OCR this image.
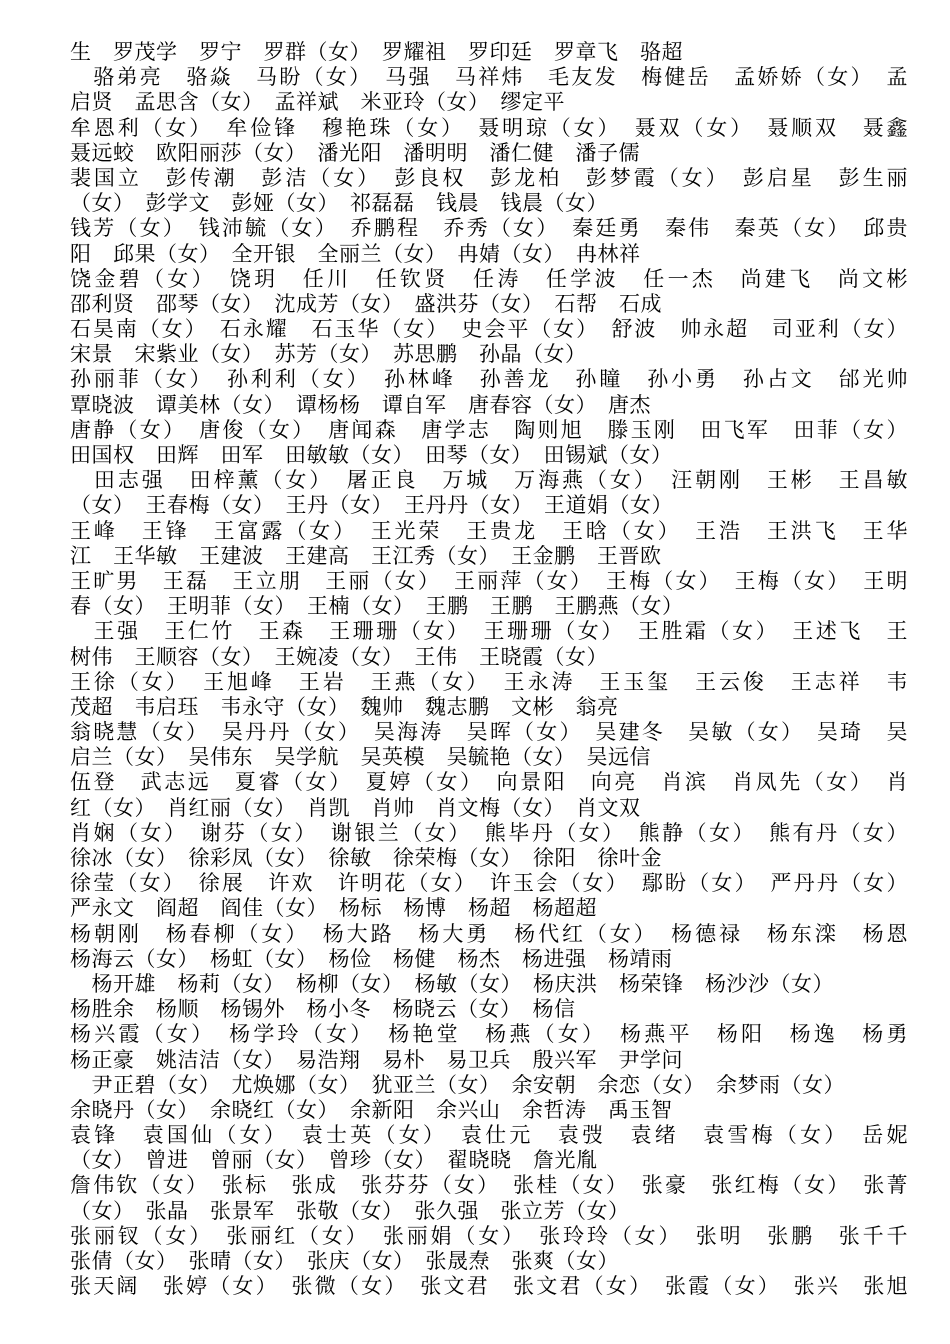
生　罗茂学　罗宁　罗群（女）　罗耀祖　罗印廷　罗章飞　骆超
　骆弟亮　骆焱　马盼（女）　马强　马祥炜　毛友发　梅健岳　孟娇娇（女）　孟
启贤　孟思含（女）　孟祥斌　米亚玲（女）　缪定平
牟恩利（女）　牟俭锋　穆艳珠（女）　聂明琼（女）　聂双（女）　聂顺双　聂鑫
聂远蛟　欧阳丽莎（女）　潘光阳　潘明明　潘仁健　潘子儒
裴国立　彭传潮　彭洁（女）　彭良权　彭龙柏　彭梦霞（女）　彭启星　彭生丽
（女）　彭学文　彭娅（女）　祁磊磊　钱晨　钱晨（女）
钱芳（女）　钱沛毓（女）　乔鹏程　乔秀（女）　秦廷勇　秦伟　秦英（女）　邱贵
阳　邱果（女）　全开银　全丽兰（女）　冉婧（女）　冉林祥
饶金碧（女）　饶玥　任川　任钦贤　任涛　任学波　任一杰　尚建飞　尚文彬
邵利贤　邵琴（女）　沈成芳（女）　盛洪芬（女）　石帮　石成
石昊南（女）　石永耀　石玉华（女）　史会平（女）　舒波　帅永超　司亚利（女）
宋景　宋紫业（女）　苏芳（女）　苏思鹏　孙晶（女）
孙丽菲（女）　孙利利（女）　孙林峰　孙善龙　孙瞳　孙小勇　孙占文　邰光帅
覃晓波　谭美林（女）　谭杨杨　谭自军　唐春容（女）　唐杰
唐静（女）　唐俊（女）　唐闻森　唐学志　陶则旭　滕玉刚　田飞军　田菲（女）
田国权　田辉　田军　田敏敏（女）　田琴（女）　田锡斌（女）
　田志强　田梓薰（女）　屠正良　万城　万海燕（女）　汪朝刚　王彬　王昌敏
（女）　王春梅（女）　王丹（女）　王丹丹（女）　王道娟（女）
王峰　王锋　王富露（女）　王光荣　王贵龙　王晗（女）　王浩　王洪飞　王华
江　王华敏　王建波　王建高　王江秀（女）　王金鹏　王晋欧
王旷男　王磊　王立朋　王丽（女）　王丽萍（女）　王梅（女）　王梅（女）　王明
春（女）　王明菲（女）　王楠（女）　王鹏　王鹏　王鹏燕（女）
　王强　王仁竹　王森　王珊珊（女）　王珊珊（女）　王胜霜（女）　王述飞　王
树伟　王顺容（女）　王婉凌（女）　王伟　王晓霞（女）
王徐（女）　王旭峰　王岩　王燕（女）　王永涛　王玉玺　王云俊　王志祥　韦
茂超　韦启珏　韦永守（女）　魏帅　魏志鹏　文彬　翁亮
翁晓慧（女）　吴丹丹（女）　吴海涛　吴晖（女）　吴建冬　吴敏（女）　吴琦　吴
启兰（女）　吴伟东　吴学航　吴英模　吴毓艳（女）　吴远信
伍登　武志远　夏睿（女）　夏婷（女）　向景阳　向亮　肖滨　肖凤先（女）　肖
红（女）　肖红丽（女）　肖凯　肖帅　肖文梅（女）　肖文双
肖娴（女）　谢芬（女）　谢银兰（女）　熊毕丹（女）　熊静（女）　熊有丹（女）
徐冰（女）　徐彩凤（女）　徐敏　徐荣梅（女）　徐阳　徐叶金
徐莹（女）　徐展　许欢　许明花（女）　许玉会（女）　鄢盼（女）　严丹丹（女）
严永文　阎超　阎佳（女）　杨标　杨博　杨超　杨超超
杨朝刚　杨春柳（女）　杨大路　杨大勇　杨代红（女）　杨德禄　杨东滦　杨恩
杨海云（女）　杨虹（女）　杨俭　杨健　杨杰　杨进强　杨靖雨
　杨开雄　杨莉（女）　杨柳（女）　杨敏（女）　杨庆洪　杨荣锋　杨沙沙（女）
杨胜余　杨顺　杨锡外　杨小冬　杨晓云（女）　杨信
杨兴霞（女）　杨学玲（女）　杨艳堂　杨燕（女）　杨燕平　杨阳　杨逸　杨勇
杨正豪　姚洁洁（女）　易浩翔　易朴　易卫兵　殷兴军　尹学问
　尹正碧（女）　尤焕娜（女）　犹亚兰（女）　余安朝　余恋（女）　余梦雨（女）
余晓丹（女）　余晓红（女）　余新阳　余兴山　余哲涛　禹玉智
袁锋　袁国仙（女）　袁士英（女）　袁仕元　袁弢　袁绪　袁雪梅（女）　岳妮
（女）　曾进　曾丽（女）　曾珍（女）　翟晓晓　詹光胤
詹伟钦（女）　张标　张成　张芬芬（女）　张桂（女）　张豪　张红梅（女）　张菁
（女）　张晶　张景军　张敬（女）　张久强　张立芳（女）
张丽钗（女）　张丽红（女）　张丽娟（女）　张玲玲（女）　张明　张鹏　张千千
张倩（女）　张晴（女）　张庆（女）　张晟焘　张爽（女）
张天阔　张婷（女）　张微（女）　张文君　张文君（女）　张霞（女）　张兴　张旭
